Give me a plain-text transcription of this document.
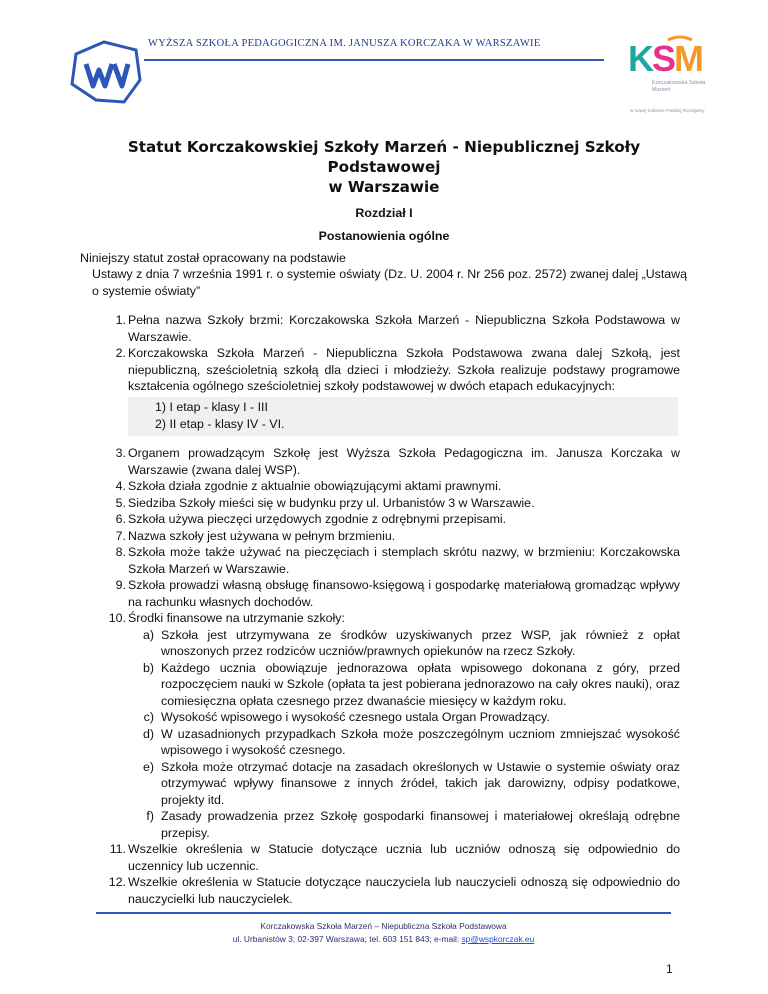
WYŻSZA SZKOŁA PEDAGOGICZNA IM. JANUSZA KORCZAKA W WARSZAWIE	KSM
Korczakowska Szkoła Marzeń
w nowej Kobiecie Polskiej Rozwijamy
Statut Korczakowskiej Szkoły Marzeń - Niepublicznej Szkoły Podstawowej
w Warszawie
Rozdział I
Postanowienia ogólne
Niniejszy statut został opracowany na podstawie
Ustawy z dnia 7 września 1991 r. o systemie oświaty (Dz. U. 2004 r. Nr 256 poz. 2572) zwanej dalej „Ustawą o systemie oświaty”
1. Pełna nazwa Szkoły brzmi: Korczakowska Szkoła Marzeń - Niepubliczna Szkoła Podstawowa w Warszawie.
2. Korczakowska Szkoła Marzeń - Niepubliczna Szkoła Podstawowa zwana dalej Szkołą, jest niepubliczną, sześcioletnią szkołą dla dzieci i młodzieży. Szkoła realizuje podstawy programowe kształcenia ogólnego sześcioletniej szkoły podstawowej w dwóch etapach edukacyjnych:
1) I etap - klasy I - III
2) II etap - klasy IV - VI.
3. Organem prowadzącym Szkołę jest Wyższa Szkoła Pedagogiczna im. Janusza Korczaka w Warszawie (zwana dalej WSP).
4. Szkoła działa zgodnie z aktualnie obowiązującymi aktami prawnymi.
5. Siedziba Szkoły mieści się w budynku przy ul. Urbanistów 3 w Warszawie.
6. Szkoła używa pieczęci urzędowych zgodnie z odrębnymi przepisami.
7. Nazwa szkoły jest używana w pełnym brzmieniu.
8. Szkoła może także używać na pieczęciach i stemplach skrótu nazwy, w brzmieniu: Korczakowska Szkoła Marzeń w Warszawie.
9. Szkoła prowadzi własną obsługę finansowo-księgową i gospodarkę materiałową gromadząc wpływy na rachunku własnych dochodów.
10. Środki finansowe na utrzymanie szkoły:
a) Szkoła jest utrzymywana ze środków uzyskiwanych przez WSP, jak również z opłat wnoszonych przez rodziców uczniów/prawnych opiekunów na rzecz Szkoły.
b) Każdego ucznia obowiązuje jednorazowa opłata wpisowego dokonana z góry, przed rozpoczęciem nauki w Szkole (opłata ta jest pobierana jednorazowo na cały okres nauki), oraz comiesięczna opłata czesnego przez dwanaście miesięcy w każdym roku.
c) Wysokość wpisowego i wysokość czesnego ustala Organ Prowadzący.
d) W uzasadnionych przypadkach Szkoła może poszczególnym uczniom zmniejszać wysokość wpisowego i wysokość czesnego.
e) Szkoła może otrzymać dotacje na zasadach określonych w Ustawie o systemie oświaty oraz otrzymywać wpływy finansowe z innych źródeł, takich jak darowizny, odpisy podatkowe, projekty itd.
f) Zasady prowadzenia przez Szkołę gospodarki finansowej i materiałowej określają odrębne przepisy.
11. Wszelkie określenia w Statucie dotyczące ucznia lub uczniów odnoszą się odpowiednio do uczennicy lub uczennic.
12. Wszelkie określenia w Statucie dotyczące nauczyciela lub nauczycieli odnoszą się odpowiednio do nauczycielki lub nauczycielek.
Korczakowska Szkoła Marzeń – Niepubliczna Szkoła Podstawowa
ul. Urbanistów 3; 02-397 Warszawa; tel. 603 151 843; e-mail: sp@wspkorczak.eu
1
